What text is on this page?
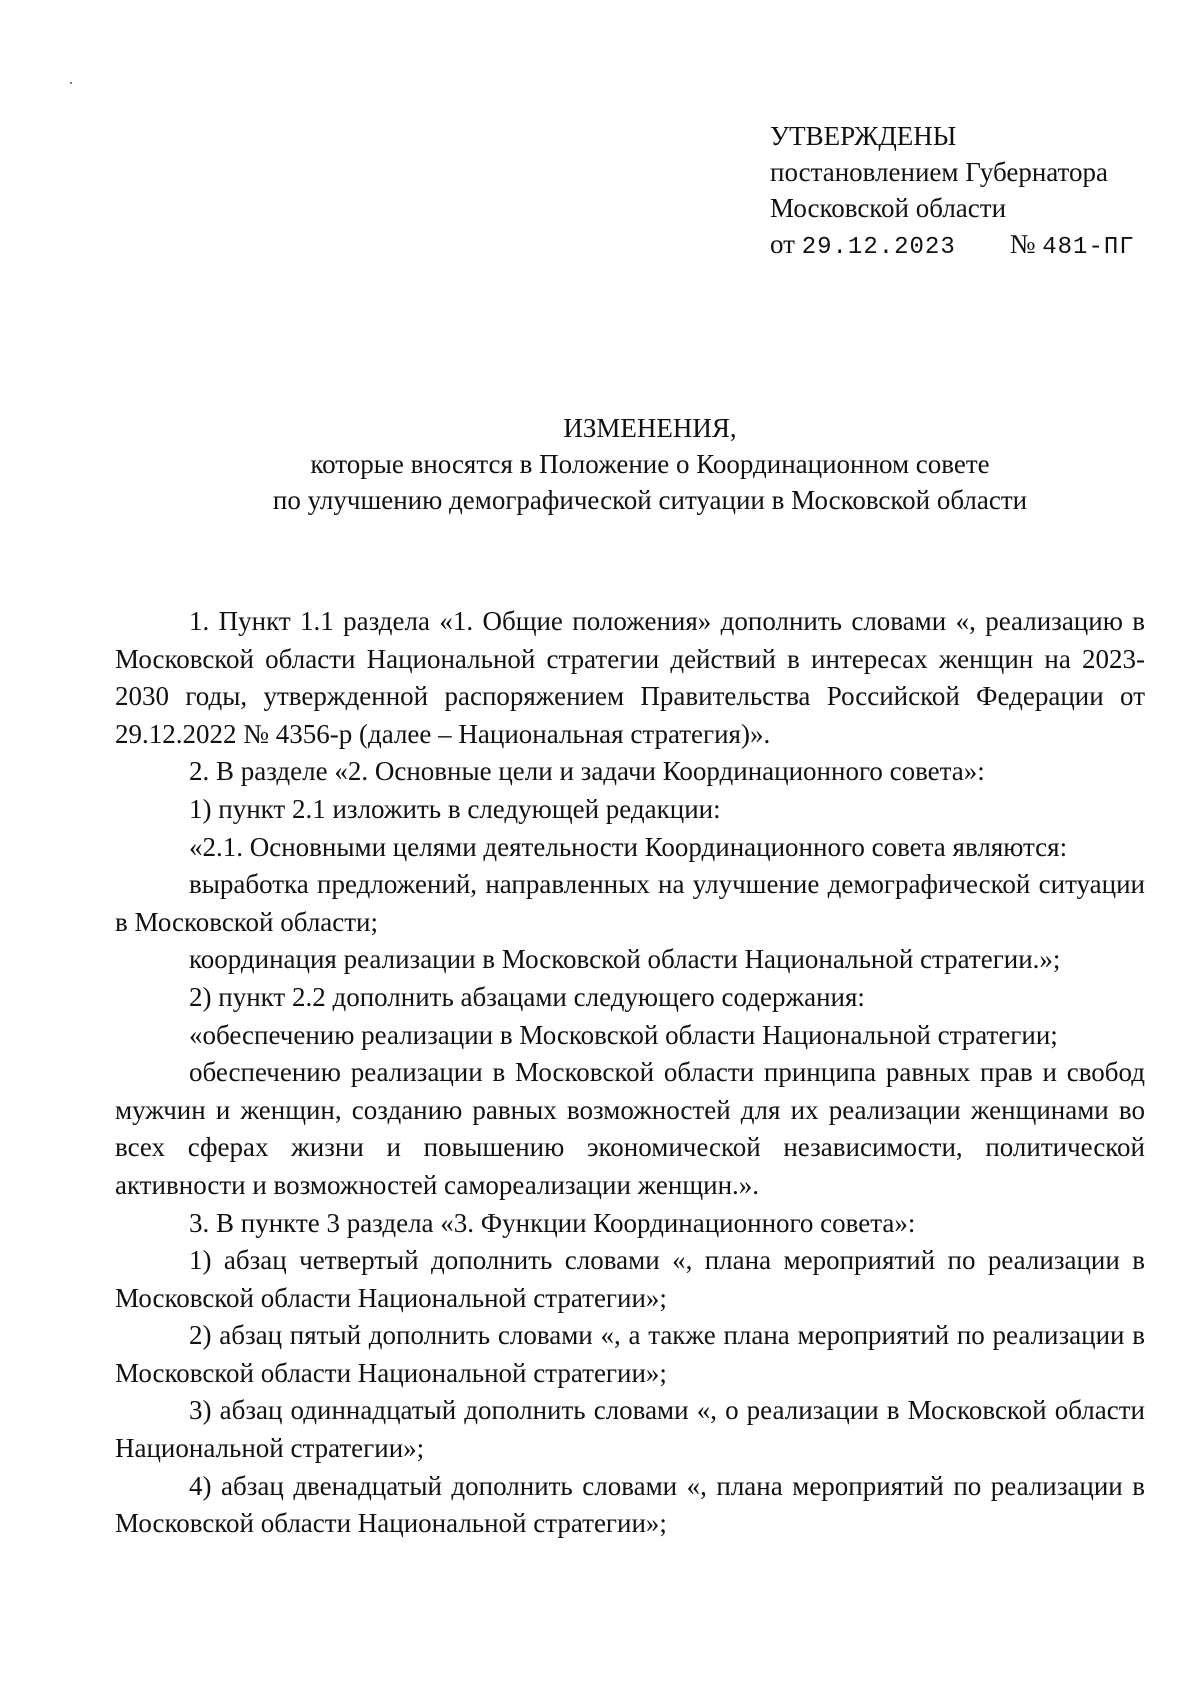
УТВЕРЖДЕНЫ
постановлением Губернатора
Московской области
от 29.12.2023 № 481-ПГ
ИЗМЕНЕНИЯ,
которые вносятся в Положение о Координационном совете
по улучшению демографической ситуации в Московской области

1. Пункт 1.1 раздела «1. Общие положения» дополнить словами «, реализацию в Московской области Национальной стратегии действий в интересах женщин на 2023-2030 годы, утвержденной распоряжением Правительства Российской Федерации от 29.12.2022 № 4356-р (далее – Национальная стратегия)».

2. В разделе «2. Основные цели и задачи Координационного совета»:

1) пункт 2.1 изложить в следующей редакции:

«2.1. Основными целями деятельности Координационного совета являются:

выработка предложений, направленных на улучшение демографической ситуации в Московской области;

координация реализации в Московской области Национальной стратегии.»;

2) пункт 2.2 дополнить абзацами следующего содержания:

«обеспечению реализации в Московской области Национальной стратегии;

обеспечению реализации в Московской области принципа равных прав и свобод мужчин и женщин, созданию равных возможностей для их реализации женщинами во всех сферах жизни и повышению экономической независимости, политической активности и возможностей самореализации женщин.».

3. В пункте 3 раздела «3. Функции Координационного совета»:

1) абзац четвертый дополнить словами «, плана мероприятий по реализации в Московской области Национальной стратегии»;

2) абзац пятый дополнить словами «, а также плана мероприятий по реализации в Московской области Национальной стратегии»;

3) абзац одиннадцатый дополнить словами «, о реализации в Московской области Национальной стратегии»;

4) абзац двенадцатый дополнить словами «, плана мероприятий по реализации в Московской области Национальной стратегии»;
